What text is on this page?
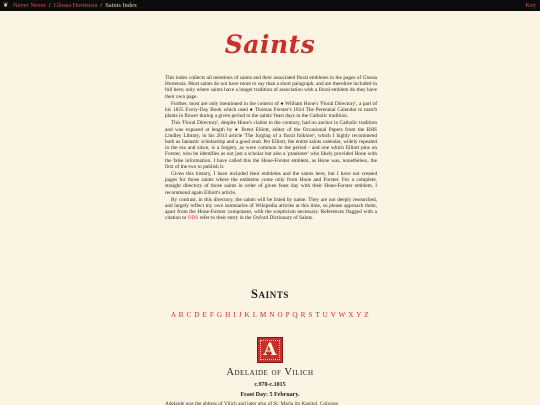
❦ Never Never / Glossa Hortensia / Saints Index	Key
Saints

This index collects all mentions of saints and their associated floral emblems in the pages of Glossa Hortensia. Most saints do not have more to say than a short paragraph, and are therefore included in full here; only where saints have a longer tradition of association with a floral emblem do they have their own page.

Further, most are only mentioned in the context of ● William Hone's 'Floral Directory', a part of his 1825 Every-Day Book which used ● Thomas Forster's 1824 The Perennial Calendar to match plants in flower during a given period to the saints' feast days in the Catholic tradition.

This 'Floral Directory', despite Hone's claims to the contrary, had no anchor in Catholic tradition and was exposed at length by ● Brent Elliott, editor of the Occasional Papers from the RHS Lindley Library, in his 2013 article 'The forging of a floral folklore', which I highly recommend both as fantastic scholarship and a good read. Per Elliott, the entire saints calendar, widely repeated in the era and since, is a forgery, as were common in the period - and one which Elliott pins on Forster, who he identifies as not just a scholar but also a 'prankster' who likely provided Hone with the false information. I have called this the Hone-Forster emblem, as Hone was, nonetheless, the first of the two to publish it.

Given this history, I have included their emblems and the saints here, but I have not created pages for those saints where the emblems come only from Hone and Forster. For a complete, straight directory of those saints in order of given feast day with their Hone-Forster emblem, I recommend again Elliott's article.

By contrast, in this directory, the saints will be listed by name. They are not deeply researched, and largely reflect my own summaries of Wikipedia articles at this time, so please approach them, apart from the Hone-Forster component, with the scepticism necessary. References flagged with a citation to ODS refer to their entry in the Oxford Dictionary of Saints.

Saints
A B C D E F G H I J K L M N O P Q R S T U V W X Y Z
A
Adelaide of Vilich
c.970-c.1015
Feast Day: 5 February.
Adelaide was the abbess of Vilich and later also of St. Maria im Kapitol, Cologne.
